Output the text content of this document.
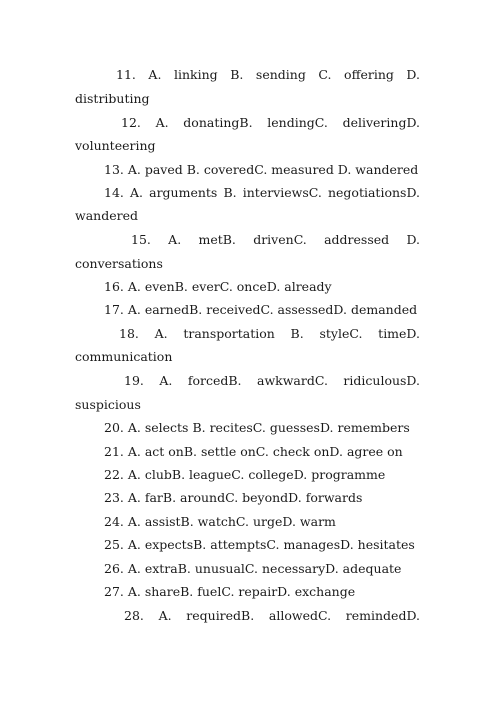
11. A. linking B. sending C. offering D.
distributing
12. A. donatingB. lendingC. deliveringD.
volunteering
13. A. paved B. coveredC. measured D. wandered
14. A. arguments B. interviewsC. negotiationsD.
wandered
15. A. metB. drivenC. addressed D.
conversations
16. A. evenB. everC. onceD. already
17. A. earnedB. receivedC. assessedD. demanded
18. A. transportation B. styleC. timeD.
communication
19. A. forcedB. awkwardC. ridiculousD.
suspicious
20. A. selects B. recitesC. guessesD. remembers
21. A. act onB. settle onC. check onD. agree on
22. A. clubB. leagueC. collegeD. programme
23. A. farB. aroundC. beyondD. forwards
24. A. assistB. watchC. urgeD. warm
25. A. expectsB. attemptsC. managesD. hesitates
26. A. extraB. unusualC. necessaryD. adequate
27. A. shareB. fuelC. repairD. exchange
28. A. requiredB. allowedC. remindedD.
